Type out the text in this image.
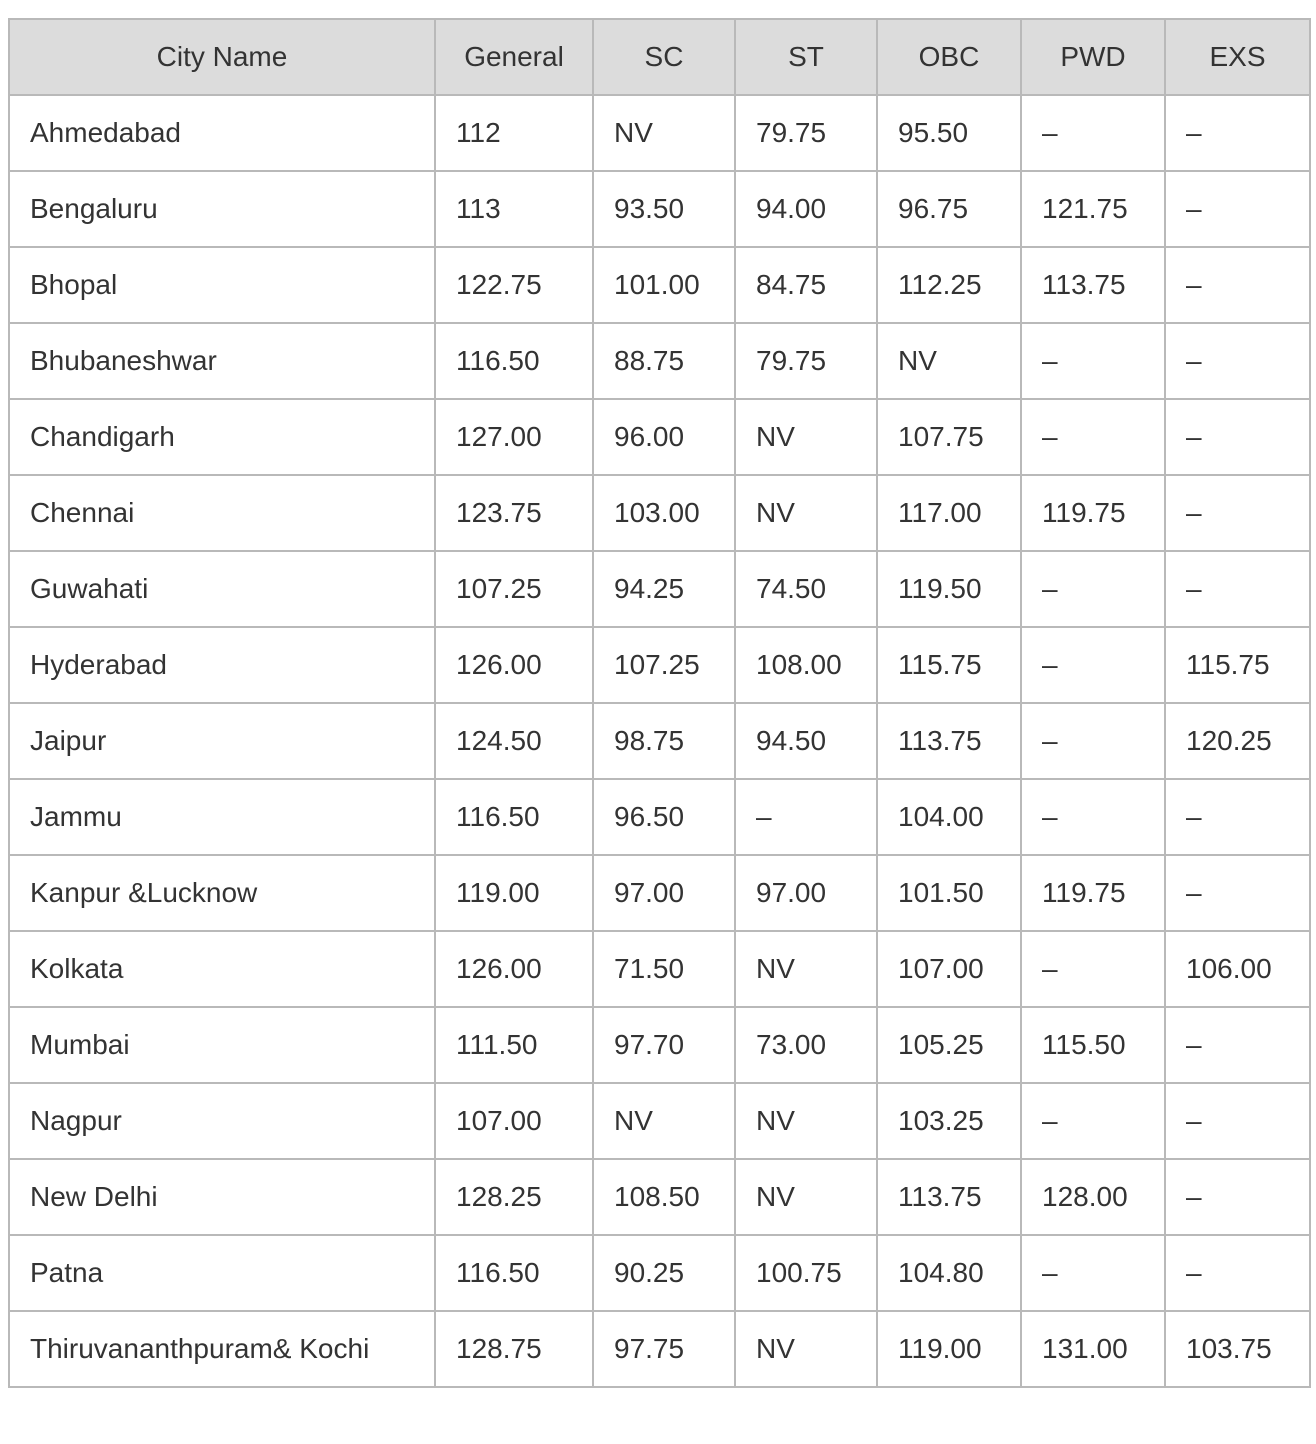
City Name	General	SC	ST	OBC	PWD	EXS
Ahmedabad	112	NV	79.75	95.50	–	–
Bengaluru	113	93.50	94.00	96.75	121.75	–
Bhopal	122.75	101.00	84.75	112.25	113.75	–
Bhubaneshwar	116.50	88.75	79.75	NV	–	–
Chandigarh	127.00	96.00	NV	107.75	–	–
Chennai	123.75	103.00	NV	117.00	119.75	–
Guwahati	107.25	94.25	74.50	119.50	–	–
Hyderabad	126.00	107.25	108.00	115.75	–	115.75
Jaipur	124.50	98.75	94.50	113.75	–	120.25
Jammu	116.50	96.50	–	104.00	–	–
Kanpur &Lucknow	119.00	97.00	97.00	101.50	119.75	–
Kolkata	126.00	71.50	NV	107.00	–	106.00
Mumbai	111.50	97.70	73.00	105.25	115.50	–
Nagpur	107.00	NV	NV	103.25	–	–
New Delhi	128.25	108.50	NV	113.75	128.00	–
Patna	116.50	90.25	100.75	104.80	–	–
Thiruvananthpuram& Kochi	128.75	97.75	NV	119.00	131.00	103.75
